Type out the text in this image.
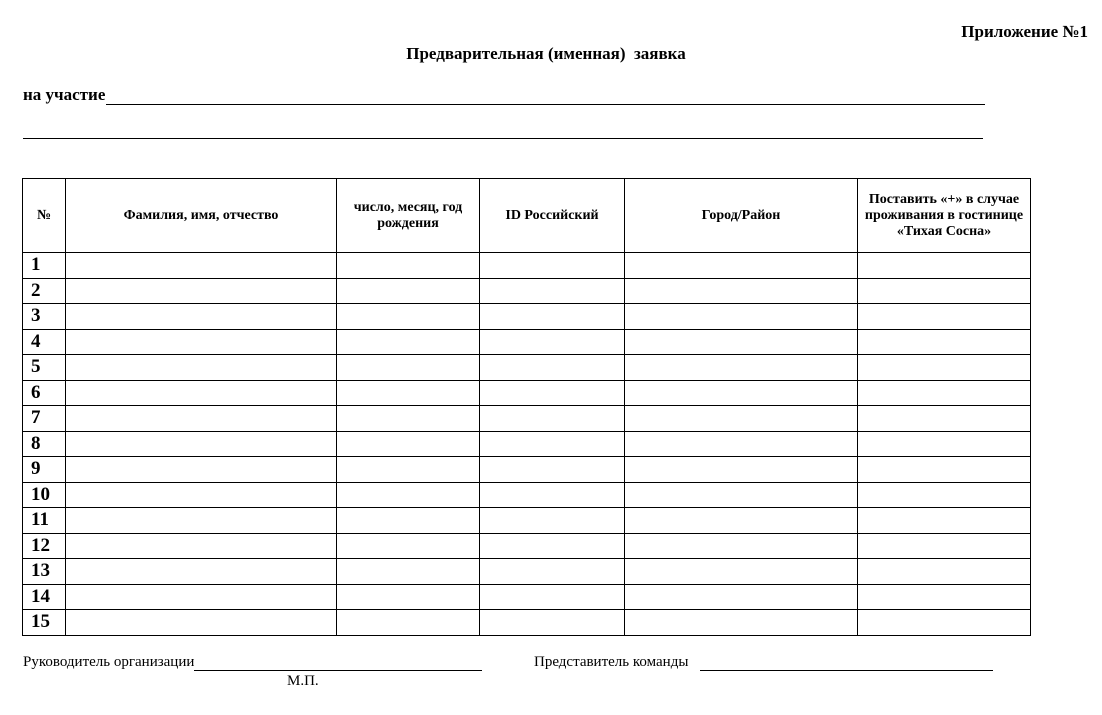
Приложение №1
Предварительная (именная)  заявка
на участие
№	Фамилия, имя, отчество	число, месяц, год рождения	ID Российский	Город/Район	Поставить «+» в случае проживания в гостинице «Тихая Сосна»
1					
2					
3					
4					
5					
6					
7					
8					
9					
10					
11					
12					
13					
14					
15					
Руководитель организации	Представитель команды
М.П.
